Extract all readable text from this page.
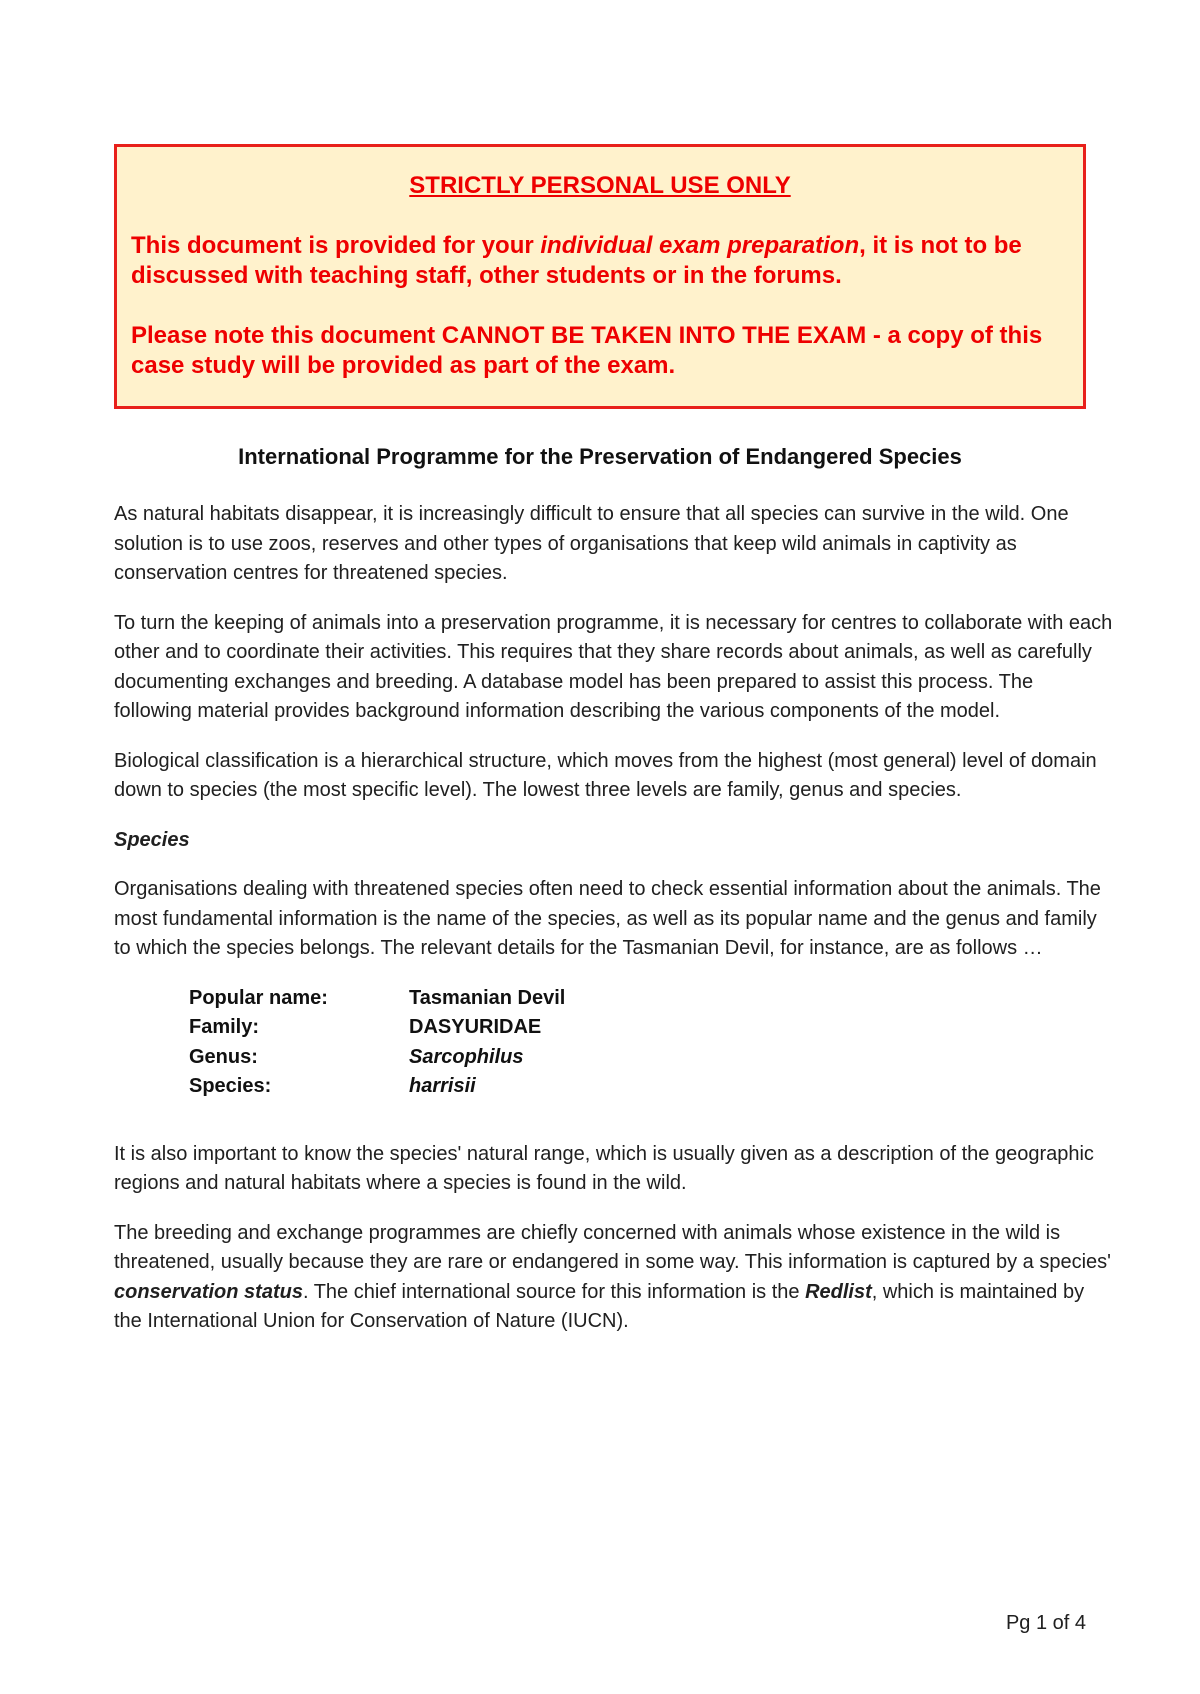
STRICTLY PERSONAL USE ONLY

This document is provided for your individual exam preparation, it is not to be discussed with teaching staff, other students or in the forums.

Please note this document CANNOT BE TAKEN INTO THE EXAM - a copy of this case study will be provided as part of the exam.

International Programme for the Preservation of Endangered Species

As natural habitats disappear, it is increasingly difficult to ensure that all species can survive in the wild. One solution is to use zoos, reserves and other types of organisations that keep wild animals in captivity as conservation centres for threatened species.

To turn the keeping of animals into a preservation programme, it is necessary for centres to collaborate with each other and to coordinate their activities. This requires that they share records about animals, as well as carefully documenting exchanges and breeding. A database model has been prepared to assist this process. The following material provides background information describing the various components of the model.

Biological classification is a hierarchical structure, which moves from the highest (most general) level of domain down to species (the most specific level). The lowest three levels are family, genus and species.

Species

Organisations dealing with threatened species often need to check essential information about the animals. The most fundamental information is the name of the species, as well as its popular name and the genus and family to which the species belongs. The relevant details for the Tasmanian Devil, for instance, are as follows …

Popular name:	Tasmanian Devil
Family:	DASYURIDAE
Genus:	Sarcophilus
Species:	harrisii

It is also important to know the species' natural range, which is usually given as a description of the geographic regions and natural habitats where a species is found in the wild.

The breeding and exchange programmes are chiefly concerned with animals whose existence in the wild is threatened, usually because they are rare or endangered in some way. This information is captured by a species' conservation status. The chief international source for this information is the Redlist, which is maintained by the International Union for Conservation of Nature (IUCN).

Pg 1 of 4
